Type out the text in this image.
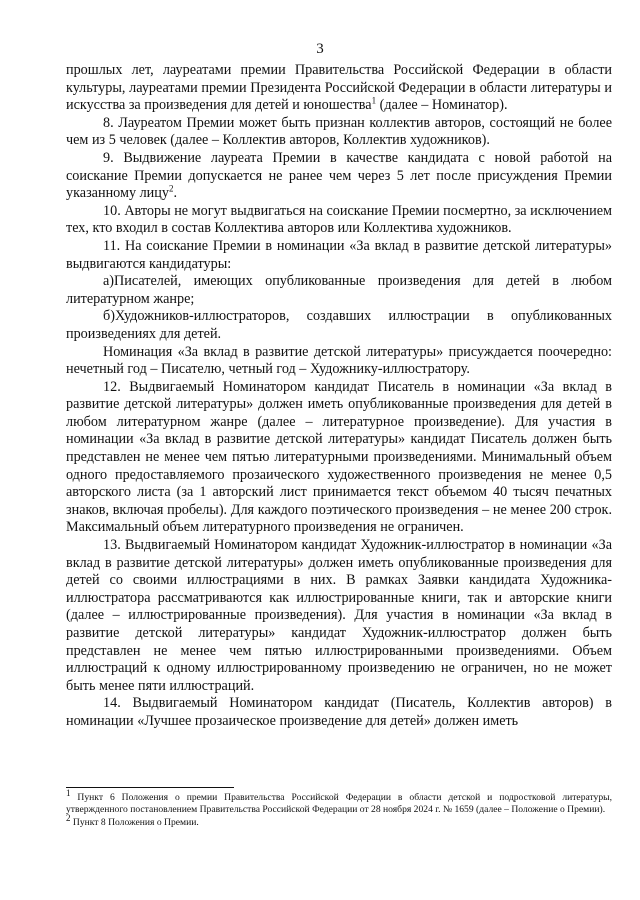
3

прошлых лет, лауреатами премии Правительства Российской Федерации в области культуры, лауреатами премии Президента Российской Федерации в области литературы и искусства за произведения для детей и юношества$^1$ (далее – Номинатор).

8. Лауреатом Премии может быть признан коллектив авторов, состоящий не более чем из 5 человек (далее – Коллектив авторов, Коллектив художников).

9. Выдвижение лауреата Премии в качестве кандидата с новой работой на соискание Премии допускается не ранее чем через 5 лет после присуждения Премии указанному лицу$^2$.

10. Авторы не могут выдвигаться на соискание Премии посмертно, за исключением тех, кто входил в состав Коллектива авторов или Коллектива художников.

11. На соискание Премии в номинации «За вклад в развитие детской литературы» выдвигаются кандидатуры:

а)Писателей, имеющих опубликованные произведения для детей в любом литературном жанре;

б)Художников-иллюстраторов, создавших иллюстрации в опубликованных произведениях для детей.

Номинация «За вклад в развитие детской литературы» присуждается поочередно: нечетный год – Писателю, четный год – Художнику-иллюстратору.

12. Выдвигаемый Номинатором кандидат Писатель в номинации «За вклад в развитие детской литературы» должен иметь опубликованные произведения для детей в любом литературном жанре (далее – литературное произведение). Для участия в номинации «За вклад в развитие детской литературы» кандидат Писатель должен быть представлен не менее чем пятью литературными произведениями. Минимальный объем одного предоставляемого прозаического художественного произведения не менее 0,5 авторского листа (за 1 авторский лист принимается текст объемом 40 тысяч печатных знаков, включая пробелы). Для каждого поэтического произведения – не менее 200 строк. Максимальный объем литературного произведения не ограничен.

13. Выдвигаемый Номинатором кандидат Художник-иллюстратор в номинации «За вклад в развитие детской литературы» должен иметь опубликованные произведения для детей со своими иллюстрациями в них. В рамках Заявки кандидата Художника-иллюстратора рассматриваются как иллюстрированные книги, так и авторские книги (далее – иллюстрированные произведения). Для участия в номинации «За вклад в развитие детской литературы» кандидат Художник-иллюстратор должен быть представлен не менее чем пятью иллюстрированными произведениями. Объем иллюстраций к одному иллюстрированному произведению не ограничен, но не может быть менее пяти иллюстраций.

14. Выдвигаемый Номинатором кандидат (Писатель, Коллектив авторов) в номинации «Лучшее прозаическое произведение для детей» должен иметь

$^1$ Пункт 6 Положения о премии Правительства Российской Федерации в области детской и подростковой литературы, утвержденного постановлением Правительства Российской Федерации от 28 ноября 2024 г. № 1659 (далее – Положение о Премии).

$^2$ Пункт 8 Положения о Премии.
